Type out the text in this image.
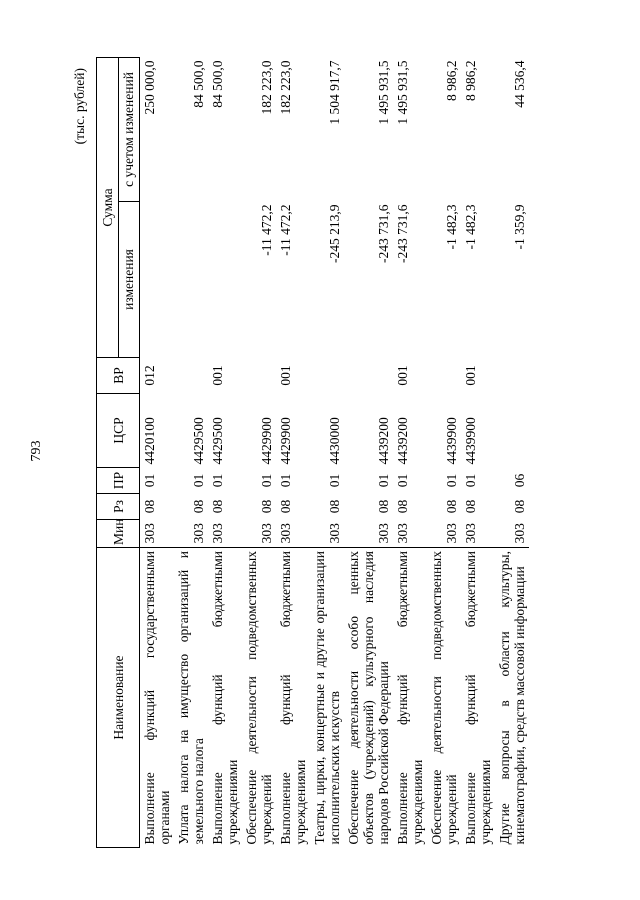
793
(тыс. рублей)
Наименование	Мин	Рз	ПР	ЦСР	ВР	Сумма	
						изменения	с учетом изменений
Выполнение функций государственными органами	303	08	01	4420100	012		250 000,0
Уплата налога на имущество организаций и земельного налога	303	08	01	4429500			84 500,0
Выполнение функций бюджетными учреждениями	303	08	01	4429500	001		84 500,0
Обеспечение деятельности подведомственных учреждений	303	08	01	4429900		-11 472,2	182 223,0
Выполнение функций бюджетными учреждениями	303	08	01	4429900	001	-11 472,2	182 223,0
Театры, цирки, концертные и другие организации исполнительских искусств	303	08	01	4430000		-245 213,9	1 504 917,7
Обеспечение деятельности особо ценных объектов (учреждений) культурного наследия народов Российской Федерации	303	08	01	4439200		-243 731,6	1 495 931,5
Выполнение функций бюджетными учреждениями	303	08	01	4439200	001	-243 731,6	1 495 931,5
Обеспечение деятельности подведомственных учреждений	303	08	01	4439900		-1 482,3	8 986,2
Выполнение функций бюджетными учреждениями	303	08	01	4439900	001	-1 482,3	8 986,2
Другие вопросы в области культуры, кинематографии, средств массовой информации	303	08	06			-1 359,9	44 536,4
